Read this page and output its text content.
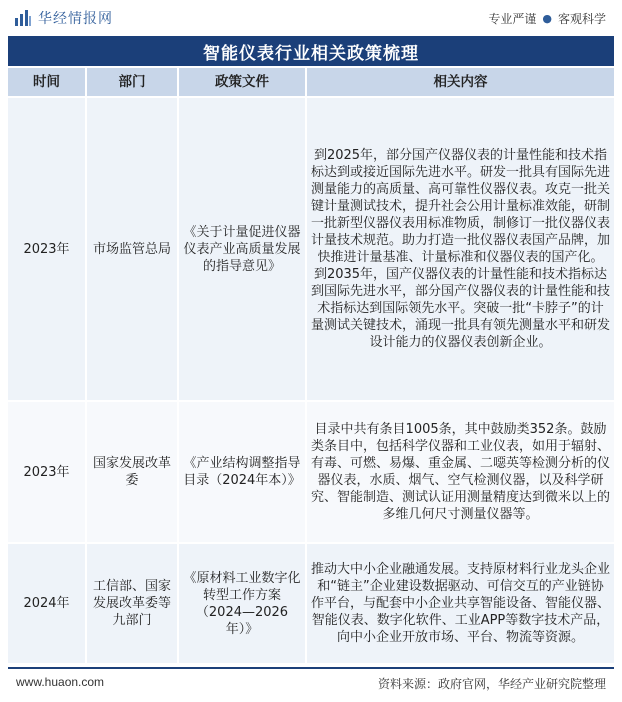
华经情报网	专业严谨 ● 客观科学
智能仪表行业相关政策梳理
时间	部门	政策文件	相关内容
2023年	市场监管总局	《关于计量促进仪器仪表产业高质量发展的指导意见》	到2025年，部分国产仪器仪表的计量性能和技术指标达到或接近国际先进水平。研发一批具有国际先进测量能力的高质量、高可靠性仪器仪表。攻克一批关键计量测试技术，提升社会公用计量标准效能，研制一批新型仪器仪表用标准物质，制修订一批仪器仪表计量技术规范。助力打造一批仪器仪表国产品牌，加快推进计量基准、计量标准和仪器仪表的国产化。

到2035年，国产仪器仪表的计量性能和技术指标达到国际先进水平，部分国产仪器仪表的计量性能和技术指标达到国际领先水平。突破一批“卡脖子”的计量测试关键技术，涌现一批具有领先测量水平和研发设计能力的仪器仪表创新企业。

2023年	国家发展改革委	《产业结构调整指导目录（2024年本）》	目录中共有条目1005条，其中鼓励类352条。鼓励类条目中，包括科学仪器和工业仪表，如用于辐射、有毒、可燃、易爆、重金属、二噁英等检测分析的仪器仪表，水质、烟气、空气检测仪器，以及科学研究、智能制造、测试认证用测量精度达到微米以上的多维几何尺寸测量仪器等。

2024年	工信部、国家发展改革委等九部门	《原材料工业数字化转型工作方案（2024—2026年）》	推动大中小企业融通发展。支持原材料行业龙头企业和“链主”企业建设数据驱动、可信交互的产业链协作平台，与配套中小企业共享智能设备、智能仪器、智能仪表、数字化软件、工业APP等数字技术产品，向中小企业开放市场、平台、物流等资源。

www.huaon.com	资料来源：政府官网，华经产业研究院整理
